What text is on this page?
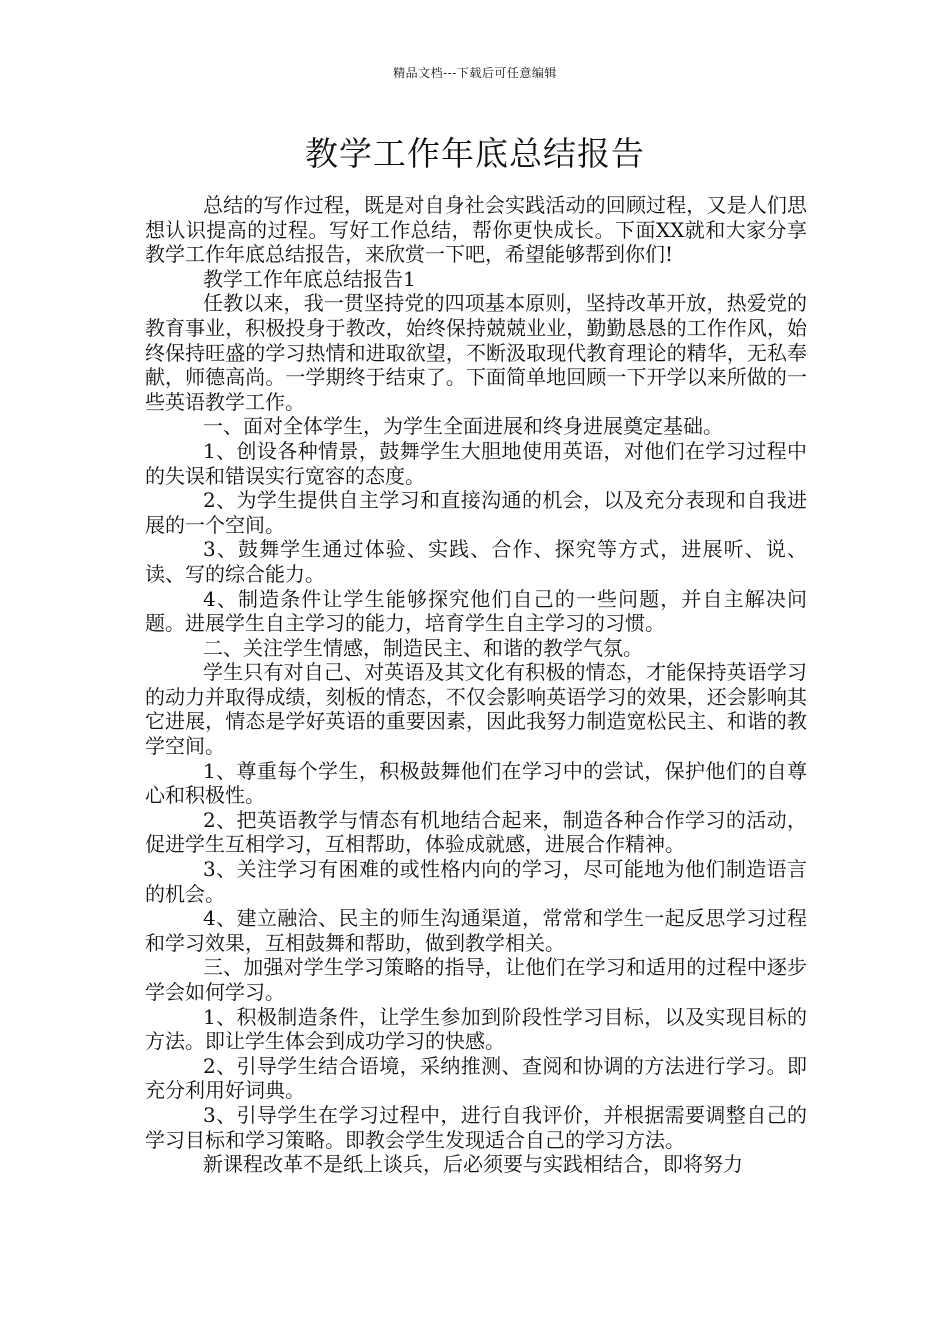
精品文档---下载后可任意编辑
教学工作年底总结报告

总结的写作过程，既是对自身社会实践活动的回顾过程，又是人们思想认识提高的过程。写好工作总结，帮你更快成长。下面XX就和大家分享教学工作年底总结报告，来欣赏一下吧，希望能够帮到你们!

教学工作年底总结报告1

任教以来，我一贯坚持党的四项基本原则，坚持改革开放，热爱党的教育事业，积极投身于教改，始终保持兢兢业业，勤勤恳恳的工作作风，始终保持旺盛的学习热情和进取欲望，不断汲取现代教育理论的精华，无私奉献，师德高尚。一学期终于结束了。下面简单地回顾一下开学以来所做的一些英语教学工作。

一、面对全体学生，为学生全面进展和终身进展奠定基础。

1、创设各种情景，鼓舞学生大胆地使用英语，对他们在学习过程中的失误和错误实行宽容的态度。

2、为学生提供自主学习和直接沟通的机会，以及充分表现和自我进展的一个空间。

3、鼓舞学生通过体验、实践、合作、探究等方式，进展听、说、读、写的综合能力。

4、制造条件让学生能够探究他们自己的一些问题，并自主解决问题。进展学生自主学习的能力，培育学生自主学习的习惯。

二、关注学生情感，制造民主、和谐的教学气氛。

学生只有对自己、对英语及其文化有积极的情态，才能保持英语学习的动力并取得成绩，刻板的情态，不仅会影响英语学习的效果，还会影响其它进展，情态是学好英语的重要因素，因此我努力制造宽松民主、和谐的教学空间。

1、尊重每个学生，积极鼓舞他们在学习中的尝试，保护他们的自尊心和积极性。

2、把英语教学与情态有机地结合起来，制造各种合作学习的活动，促进学生互相学习，互相帮助，体验成就感，进展合作精神。

3、关注学习有困难的或性格内向的学习，尽可能地为他们制造语言的机会。

4、建立融洽、民主的师生沟通渠道，常常和学生一起反思学习过程和学习效果，互相鼓舞和帮助，做到教学相关。

三、加强对学生学习策略的指导，让他们在学习和适用的过程中逐步学会如何学习。

1、积极制造条件，让学生参加到阶段性学习目标，以及实现目标的方法。即让学生体会到成功学习的快感。

2、引导学生结合语境，采纳推测、查阅和协调的方法进行学习。即充分利用好词典。

3、引导学生在学习过程中，进行自我评价，并根据需要调整自己的学习目标和学习策略。即教会学生发现适合自己的学习方法。

新课程改革不是纸上谈兵，后必须要与实践相结合，即将努力
